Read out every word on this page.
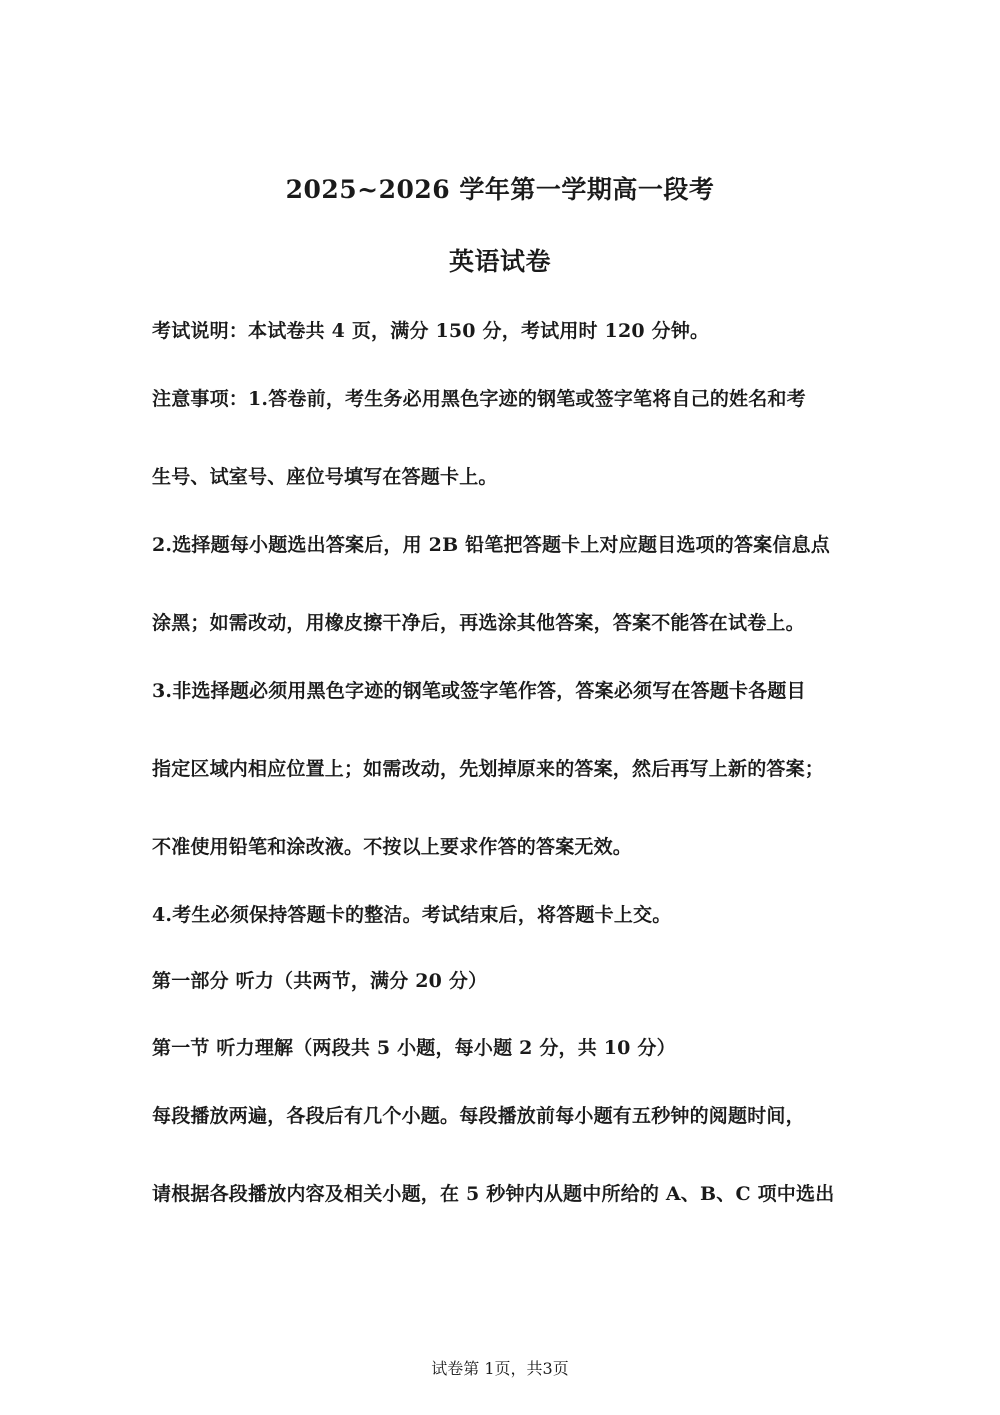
2025~2026 学年第一学期高一段考
英语试卷
考试说明：本试卷共 4 页，满分 150 分，考试用时 120 分钟。
注意事项：1.答卷前，考生务必用黑色字迹的钢笔或签字笔将自己的姓名和考
生号、试室号、座位号填写在答题卡上。
2.选择题每小题选出答案后，用 2B 铅笔把答题卡上对应题目选项的答案信息点
涂黑；如需改动，用橡皮擦干净后，再选涂其他答案，答案不能答在试卷上。
3.非选择题必须用黑色字迹的钢笔或签字笔作答，答案必须写在答题卡各题目
指定区域内相应位置上；如需改动，先划掉原来的答案，然后再写上新的答案；
不准使用铅笔和涂改液。不按以上要求作答的答案无效。
4.考生必须保持答题卡的整洁。考试结束后，将答题卡上交。
第一部分 听力（共两节，满分 20 分）
第一节 听力理解（两段共 5 小题，每小题 2 分，共 10 分）
每段播放两遍，各段后有几个小题。每段播放前每小题有五秒钟的阅题时间，
请根据各段播放内容及相关小题，在 5 秒钟内从题中所给的 A、B、C 项中选出
试卷第 1页，共3页
